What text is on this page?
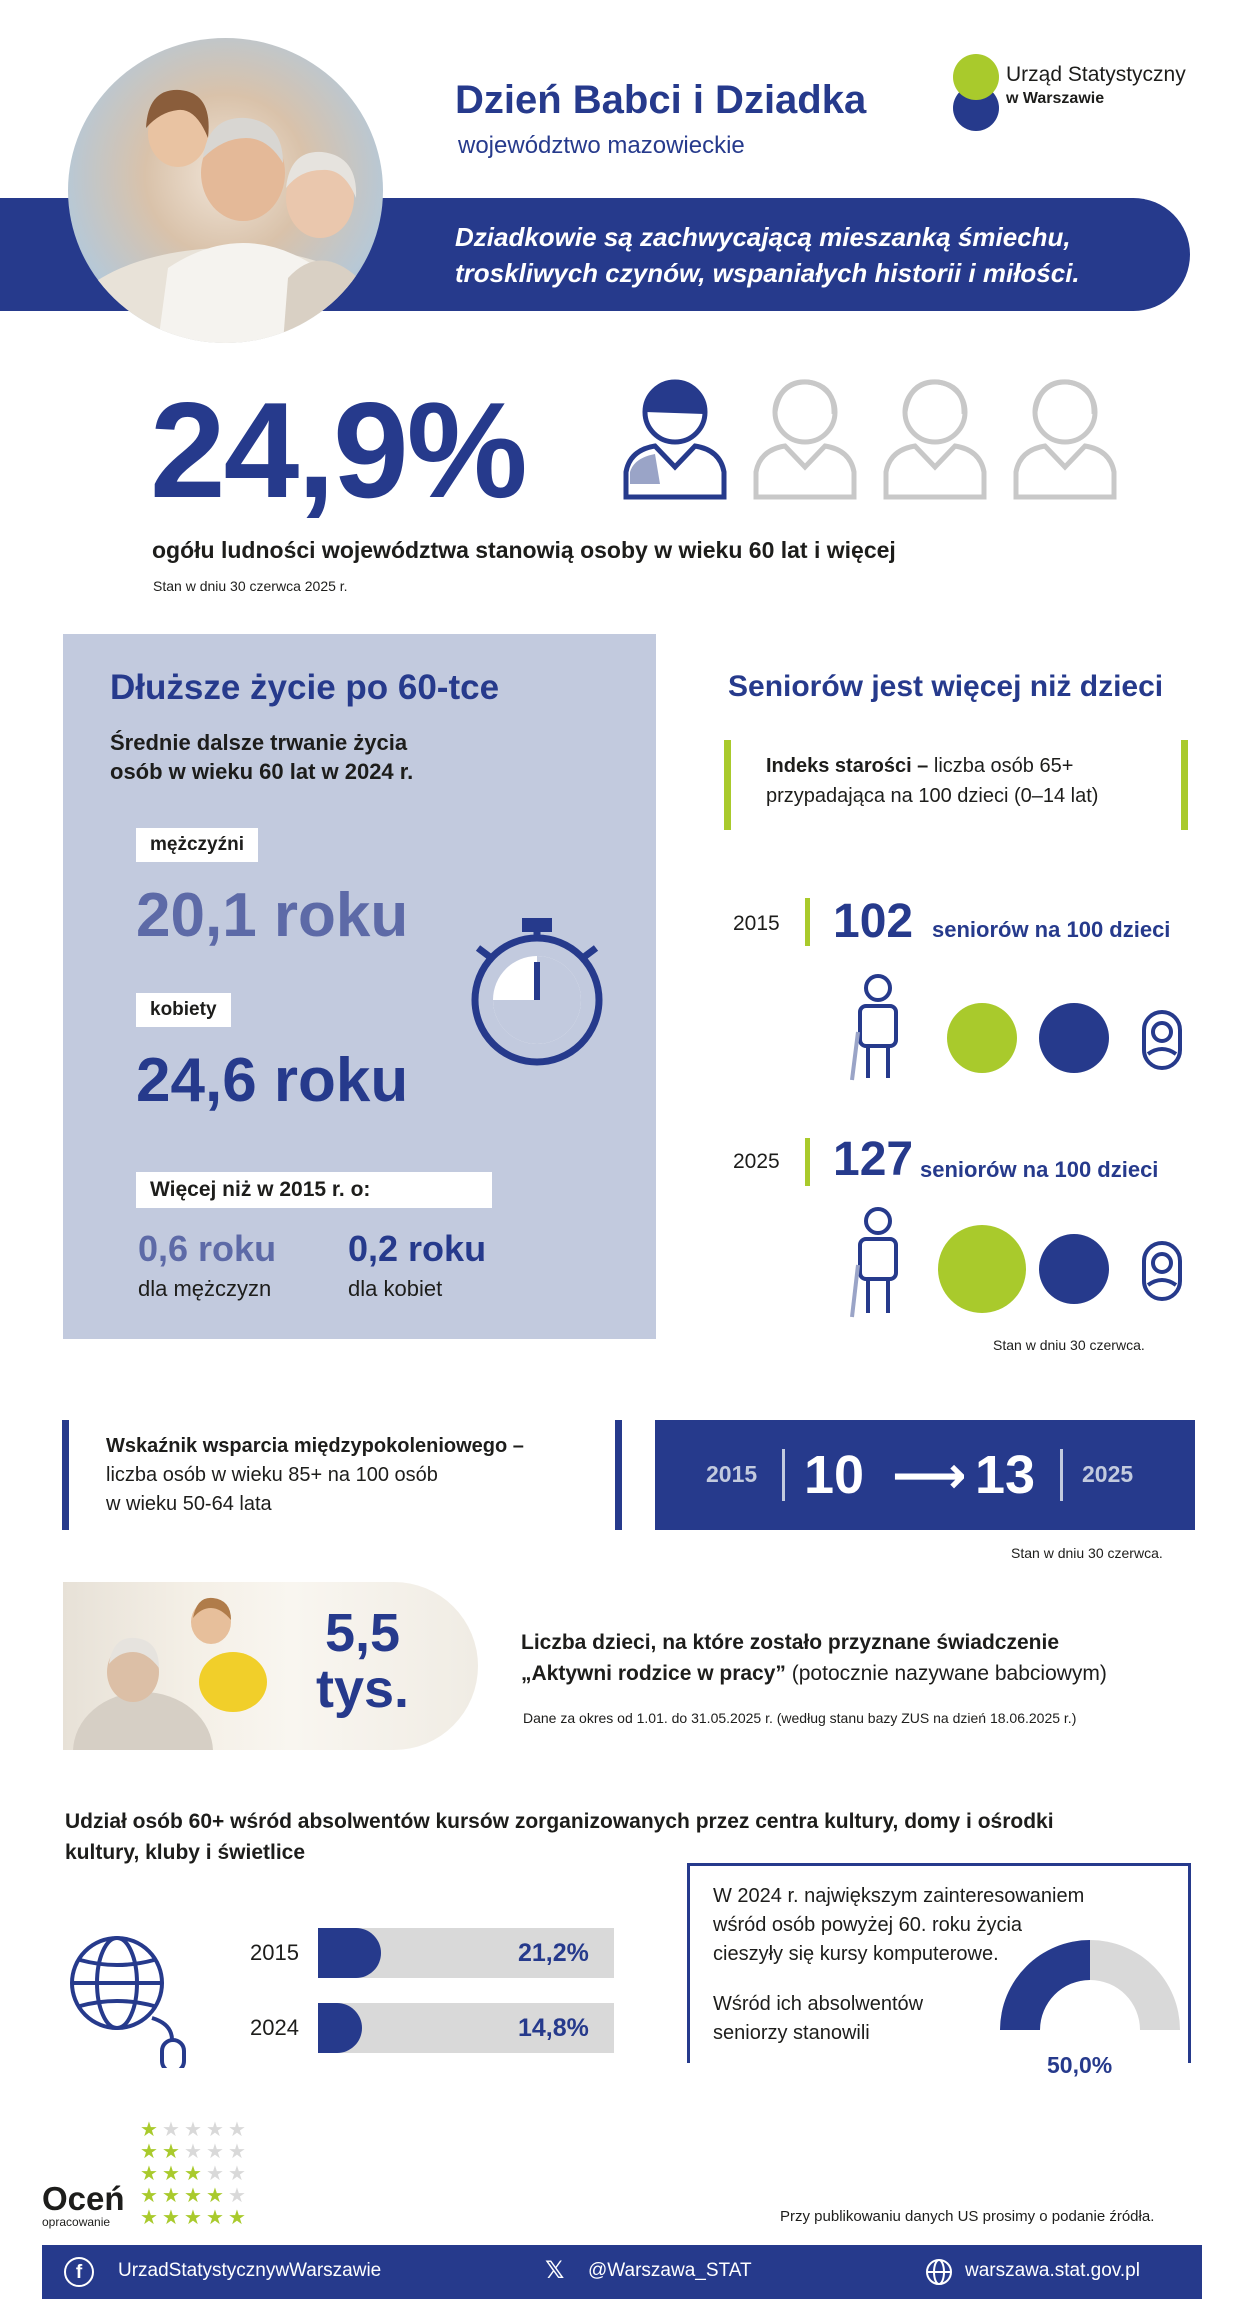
Dzień Babci i Dziadka
województwo mazowieckie
Urząd Statystyczny
w Warszawie
Dziadkowie są zachwycającą mieszanką śmiechu,
troskliwych czynów, wspaniałych historii i miłości.
24,9%
ogółu ludności województwa stanowią osoby w wieku 60 lat i więcej
Stan w dniu 30 czerwca 2025 r.
Dłuższe życie po 60-tce
Średnie dalsze trwanie życia
osób w wieku 60 lat w 2024 r.
mężczyźni
20,1 roku
kobiety
24,6 roku
Więcej niż w 2015 r. o:
0,6 roku
dla mężczyzn
0,2 roku
dla kobiet
Seniorów jest więcej niż dzieci
Indeks starości – liczba osób 65+
przypadająca na 100 dzieci (0–14 lat)
2015 102 seniorów na 100 dzieci
2025 127 seniorów na 100 dzieci
Stan w dniu 30 czerwca.
Wskaźnik wsparcia międzypokoleniowego –
liczba osób w wieku 85+ na 100 osób
w wieku 50-64 lata
2015 10 ⟶ 13 2025
Stan w dniu 30 czerwca.
5,5
tys.
Liczba dzieci, na które zostało przyznane świadczenie
„Aktywni rodzice w pracy” (potocznie nazywane babciowym)
Dane za okres od 1.01. do 31.05.2025 r. (według stanu bazy ZUS na dzień 18.06.2025 r.)
Udział osób 60+ wśród absolwentów kursów zorganizowanych przez centra kultury, domy i ośrodki kultury, kluby i świetlice
2015	21,2%
2024	14,8%
W 2024 r. największym zainteresowaniem
wśród osób powyżej 60. roku życia
cieszyły się kursy komputerowe.
Wśród ich absolwentów
seniorzy stanowili
50,0%
Oceń
opracowanie
★ ★ ★ ★ ★
★ ★ ★ ★ ★
★ ★ ★ ★ ★
★ ★ ★ ★ ★
★ ★ ★ ★ ★	Przy publikowaniu danych US prosimy o podanie źródła.
f	UrzadStatystycznywWarszawie	𝕏 @Warszawa_STAT	warszawa.stat.gov.pl
